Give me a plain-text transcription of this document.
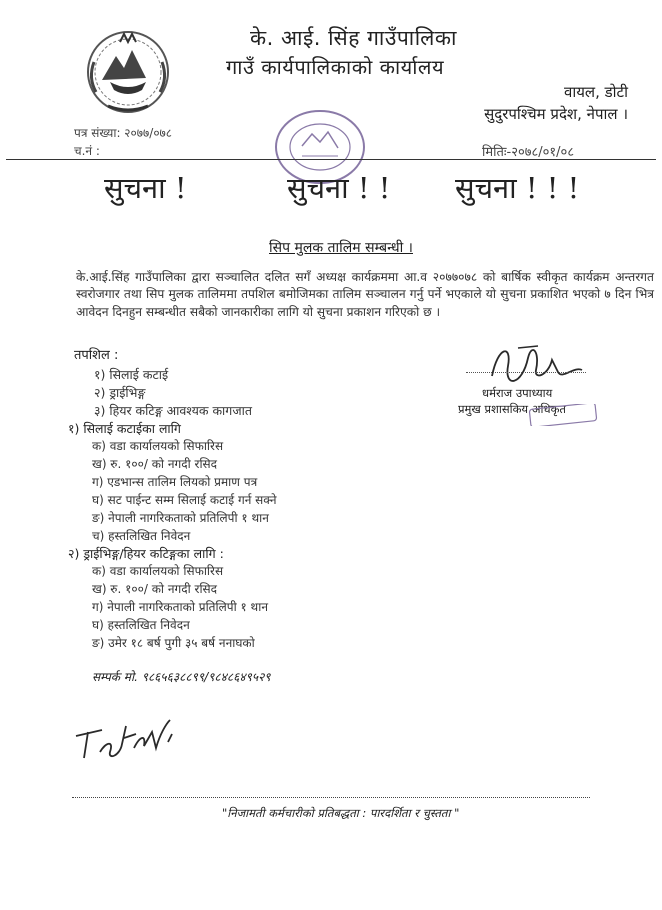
के. आई. सिंह गाउँपालिका
गाउँ कार्यपालिकाको कार्यालय
वायल, डोटी
सुदुरपश्चिम प्रदेश, नेपाल ।
पत्र संख्या: २०७७/०७८
च.नं :	मितिः-२०७८/०१/०८
सुचना !	सुचना ! ! सुचना ! ! !
सिप मुलक तालिम सम्बन्धी ।
के.आई.सिंह गाउँपालिका द्वारा सञ्चालित दलित सगँ अध्यक्ष कार्यक्रममा आ.व २०७७०७८ को बार्षिक स्वीकृत कार्यक्रम अन्तरगत स्वरोजगार तथा सिप मुलक तालिममा तपशिल बमोजिमका तालिम सञ्चालन गर्नु पर्ने भएकाले यो सुचना प्रकाशित भएको ७ दिन भित्र आवेदन दिनहुन सम्बन्धीत सबैको जानकारीका लागि यो सुचना प्रकाशन गरिएको छ ।
तपशिल :
१) सिलाई कटाई
२) ड्राईभिङ्ग
३) हियर कटिङ्ग आवश्यक कागजात
धर्मराज उपाध्याय
प्रमुख प्रशासकिय अधिकृत
१) सिलाई कटाईका लागि
क) वडा कार्यालयको सिफारिस
ख) रु. १००/ को नगदी रसिद
ग) एडभान्स तालिम लियको प्रमाण पत्र
घ) सट पाईन्ट सम्म सिलाई कटाई गर्न सक्ने
ङ) नेपाली नागरिकताको प्रतिलिपी १ थान
च) हस्तलिखित निवेदन
२) ड्राईभिङ्ग/हियर कटिङ्गका लागि :
क) वडा कार्यालयको सिफारिस
ख) रु. १००/ को नगदी रसिद
ग) नेपाली नागरिकताको प्रतिलिपी १ थान
घ) हस्तलिखित निवेदन
ङ) उमेर १८ बर्ष पुगी ३५ बर्ष ननाघको
सम्पर्क मो. ९८६५६३८८९९/९८४८६४९५२९
"निजामती कर्मचारीको प्रतिबद्धता : पारदर्शिता र चुस्तता "
